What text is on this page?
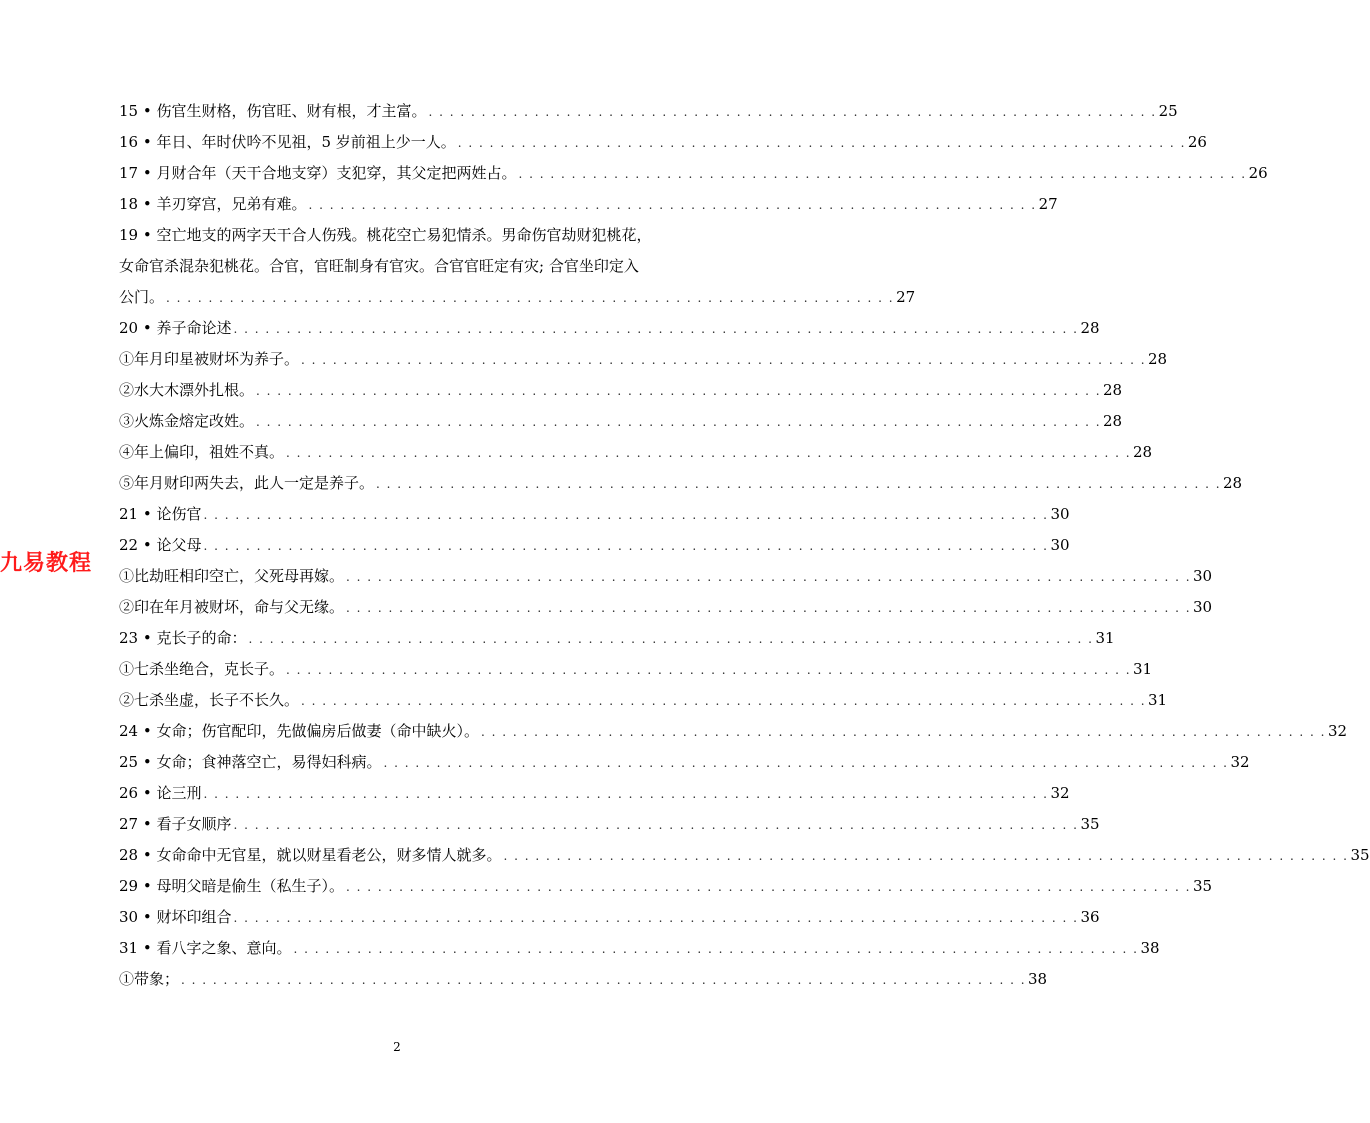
15 • 伤官生财格，伤官旺、财有根，才主富。 . . . . . . . . . . . . . . . . . . . . . . . . . . . . . . . . . . . . . . . . . . . . . . . . . . . . . . . . . . . . . . . . . . . . . 25
16 • 年日、年时伏吟不见祖，5 岁前祖上少一人。 . . . . . . . . . . . . . . . . . . . . . . . . . . . . . . . . . . . . . . . . . . . . . . . . . . . . . . . . . . . . . . . . . . . . . 26
17 • 月财合年（天干合地支穿）支犯穿，其父定把两姓占。 . . . . . . . . . . . . . . . . . . . . . . . . . . . . . . . . . . . . . . . . . . . . . . . . . . . . . . . . . . . . . . . . . . . . . 26
18 • 羊刃穿宫，兄弟有难。 . . . . . . . . . . . . . . . . . . . . . . . . . . . . . . . . . . . . . . . . . . . . . . . . . . . . . . . . . . . . . . . . . . . . . 27
19 • 空亡地支的两字天干合人伤残。桃花空亡易犯情杀。男命伤官劫财犯桃花，
女命官杀混杂犯桃花。合官，官旺制身有官灾。合官官旺定有灾; 合官坐印定入
公门。 . . . . . . . . . . . . . . . . . . . . . . . . . . . . . . . . . . . . . . . . . . . . . . . . . . . . . . . . . . . . . . . . . . . . . 27
20 • 养子命论述 . . . . . . . . . . . . . . . . . . . . . . . . . . . . . . . . . . . . . . . . . . . . . . . . . . . . . . . . . . . . . . . . . . . . . . . . . . . . . . . . 28
①年月印星被财坏为养子。 . . . . . . . . . . . . . . . . . . . . . . . . . . . . . . . . . . . . . . . . . . . . . . . . . . . . . . . . . . . . . . . . . . . . . . . . . . . . . . . . 28
②水大木漂外扎根。 . . . . . . . . . . . . . . . . . . . . . . . . . . . . . . . . . . . . . . . . . . . . . . . . . . . . . . . . . . . . . . . . . . . . . . . . . . . . . . . . 28
③火炼金熔定改姓。 . . . . . . . . . . . . . . . . . . . . . . . . . . . . . . . . . . . . . . . . . . . . . . . . . . . . . . . . . . . . . . . . . . . . . . . . . . . . . . . . 28
④年上偏印，祖姓不真。 . . . . . . . . . . . . . . . . . . . . . . . . . . . . . . . . . . . . . . . . . . . . . . . . . . . . . . . . . . . . . . . . . . . . . . . . . . . . . . . . 28
⑤年月财印两失去，此人一定是养子。 . . . . . . . . . . . . . . . . . . . . . . . . . . . . . . . . . . . . . . . . . . . . . . . . . . . . . . . . . . . . . . . . . . . . . . . . . . . . . . . . 28
21 • 论伤官 . . . . . . . . . . . . . . . . . . . . . . . . . . . . . . . . . . . . . . . . . . . . . . . . . . . . . . . . . . . . . . . . . . . . . . . . . . . . . . . . 30
22 • 论父母 . . . . . . . . . . . . . . . . . . . . . . . . . . . . . . . . . . . . . . . . . . . . . . . . . . . . . . . . . . . . . . . . . . . . . . . . . . . . . . . . 30
①比劫旺相印空亡，父死母再嫁。 . . . . . . . . . . . . . . . . . . . . . . . . . . . . . . . . . . . . . . . . . . . . . . . . . . . . . . . . . . . . . . . . . . . . . . . . . . . . . . . . 30
②印在年月被财坏，命与父无缘。 . . . . . . . . . . . . . . . . . . . . . . . . . . . . . . . . . . . . . . . . . . . . . . . . . . . . . . . . . . . . . . . . . . . . . . . . . . . . . . . . 30
23 • 克长子的命： . . . . . . . . . . . . . . . . . . . . . . . . . . . . . . . . . . . . . . . . . . . . . . . . . . . . . . . . . . . . . . . . . . . . . . . . . . . . . . . . 31
①七杀坐绝合，克长子。 . . . . . . . . . . . . . . . . . . . . . . . . . . . . . . . . . . . . . . . . . . . . . . . . . . . . . . . . . . . . . . . . . . . . . . . . . . . . . . . . 31
②七杀坐虚，长子不长久。 . . . . . . . . . . . . . . . . . . . . . . . . . . . . . . . . . . . . . . . . . . . . . . . . . . . . . . . . . . . . . . . . . . . . . . . . . . . . . . . . 31
24 • 女命；伤官配印，先做偏房后做妻（命中缺火）。 . . . . . . . . . . . . . . . . . . . . . . . . . . . . . . . . . . . . . . . . . . . . . . . . . . . . . . . . . . . . . . . . . . . . . . . . . . . . . . . . 32
25 • 女命；食神落空亡，易得妇科病。 . . . . . . . . . . . . . . . . . . . . . . . . . . . . . . . . . . . . . . . . . . . . . . . . . . . . . . . . . . . . . . . . . . . . . . . . . . . . . . . . 32
26 • 论三刑 . . . . . . . . . . . . . . . . . . . . . . . . . . . . . . . . . . . . . . . . . . . . . . . . . . . . . . . . . . . . . . . . . . . . . . . . . . . . . . . . 32
27 • 看子女顺序 . . . . . . . . . . . . . . . . . . . . . . . . . . . . . . . . . . . . . . . . . . . . . . . . . . . . . . . . . . . . . . . . . . . . . . . . . . . . . . . . 35
28 • 女命命中无官星，就以财星看老公，财多情人就多。 . . . . . . . . . . . . . . . . . . . . . . . . . . . . . . . . . . . . . . . . . . . . . . . . . . . . . . . . . . . . . . . . . . . . . . . . . . . . . . . . 35
29 • 母明父暗是偷生（私生子）。 . . . . . . . . . . . . . . . . . . . . . . . . . . . . . . . . . . . . . . . . . . . . . . . . . . . . . . . . . . . . . . . . . . . . . . . . . . . . . . . . 35
30 • 财坏印组合 . . . . . . . . . . . . . . . . . . . . . . . . . . . . . . . . . . . . . . . . . . . . . . . . . . . . . . . . . . . . . . . . . . . . . . . . . . . . . . . . 36
31 • 看八字之象、意向。 . . . . . . . . . . . . . . . . . . . . . . . . . . . . . . . . . . . . . . . . . . . . . . . . . . . . . . . . . . . . . . . . . . . . . . . . . . . . . . . . 38
①带象； . . . . . . . . . . . . . . . . . . . . . . . . . . . . . . . . . . . . . . . . . . . . . . . . . . . . . . . . . . . . . . . . . . . . . . . . . . . . . . . . 38
九易教程
2
